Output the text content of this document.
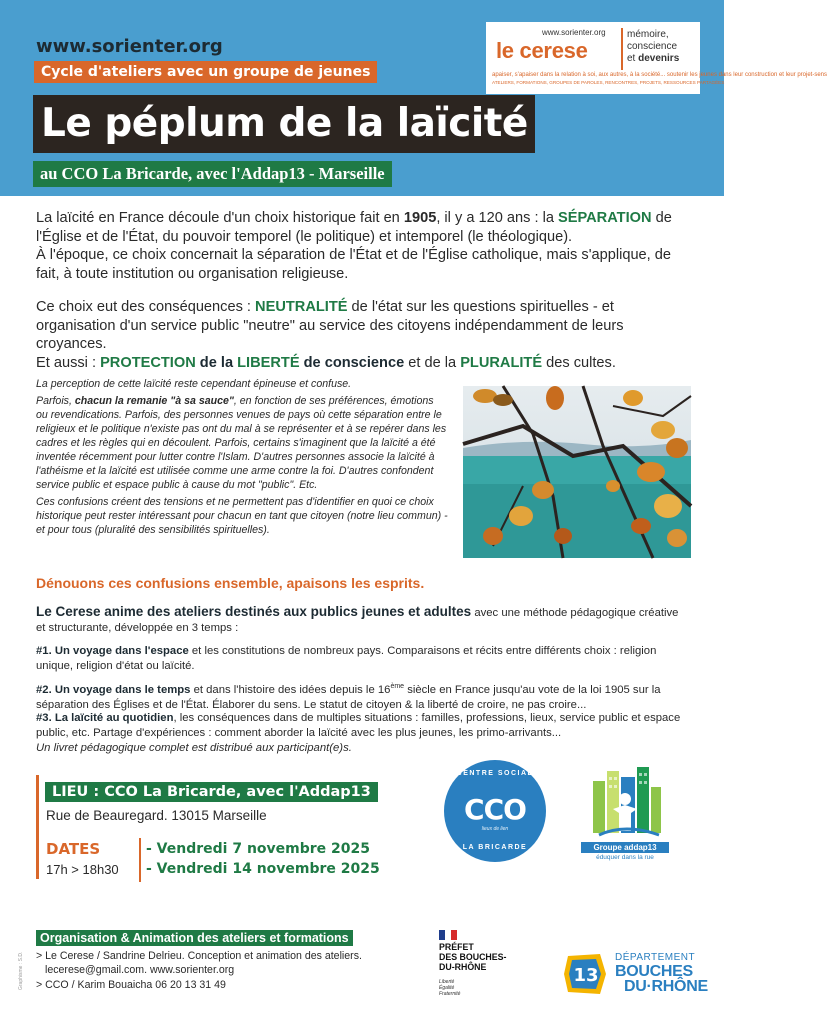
www.sorienter.org
Cycle d'ateliers avec un groupe de jeunes
Le péplum de la laïcité
au CCO La Bricarde, avec l'Addap13 - Marseille
www.sorienter.org
le cerese
mémoire,
conscience
et devenirs
apaiser, s'apaiser dans la relation à soi, aux autres, à la société... soutenir les jeunes dans leur construction et leur projet-sens
ATELIERS, FORMATIONS, GROUPES DE PAROLES, RENCONTRES, PROJETS, RESSOURCES PARTAGÉES
La laïcité en France découle d'un choix historique fait en 1905, il y a 120 ans : la SÉPARATION de l'Église et de l'État, du pouvoir temporel (le politique) et intemporel (le théologique).
À l'époque, ce choix concernait la séparation de l'État et de l'Église catholique, mais s'applique, de fait, à toute institution ou organisation religieuse.
Ce choix eut des conséquences : NEUTRALITÉ de l'état sur les questions spirituelles - et organisation d'un service public "neutre" au service des citoyens indépendamment de leurs croyances.
Et aussi : PROTECTION de la LIBERTÉ de conscience et de la PLURALITÉ des cultes.

La perception de cette laïcité reste cependant épineuse et confuse.

Parfois, chacun la remanie "à sa sauce", en fonction de ses préférences, émotions ou revendications. Parfois, des personnes venues de pays où cette séparation entre le religieux et le politique n'existe pas ont du mal à se représenter et à se repérer dans les cadres et les règles qui en découlent. Parfois, certains s'imaginent que la laïcité a été inventée récemment pour lutter contre l'Islam. D'autres personnes associe la laïcité à l'athéisme et la laïcité est utilisée comme une arme contre la foi. D'autres confondent service public et espace public à cause du mot "public". Etc.

Ces confusions créent des tensions et ne permettent pas d'identifier en quoi ce choix historique peut rester intéressant pour chacun en tant que citoyen (notre lieu commun) - et pour tous (pluralité des sensibilités spirituelles).

Dénouons ces confusions ensemble, apaisons les esprits.
Le Cerese anime des ateliers destinés aux publics jeunes et adultes avec une méthode pédagogique créative et structurante, développée en 3 temps :
#1. Un voyage dans l'espace et les constitutions de nombreux pays. Comparaisons et récits entre différents choix : religion unique, religion d'état ou laïcité.
#2. Un voyage dans le temps et dans l'histoire des idées depuis le 16ème siècle en France jusqu'au vote de la loi 1905 sur la séparation des Églises et de l'État. Élaborer du sens. Le statut de citoyen & la liberté de croire, ne pas croire...
#3. La laïcité au quotidien, les conséquences dans de multiples situations : familles, professions, lieux, service public et espace public, etc. Partage d'expériences : comment aborder la laïcité avec les plus jeunes, les primo-arrivants...
Un livret pédagogique complet est distribué aux participant(e)s.
LIEU : CCO La Bricarde, avec l'Addap13
Rue de Beauregard. 13015 Marseille
DATES
17h > 18h30
- Vendredi 7 novembre 2025
- Vendredi 14 novembre 2025
CENTRE SOCIAL
CCO
lieux de lien
LA BRICARDE	Groupe addap13
éduquer dans la rue
Organisation & Animation des ateliers et formations
> Le Cerese / Sandrine Delrieu. Conception et animation des ateliers.
lecerese@gmail.com. www.sorienter.org
> CCO / Karim Bouaicha 06 20 13 31 49
Graphisme : S.D.
PRÉFET
DES BOUCHES-
DU-RHÔNE
Liberté
Égalité
Fraternité
13
DÉPARTEMENT
BOUCHES
DU·RHÔNE
